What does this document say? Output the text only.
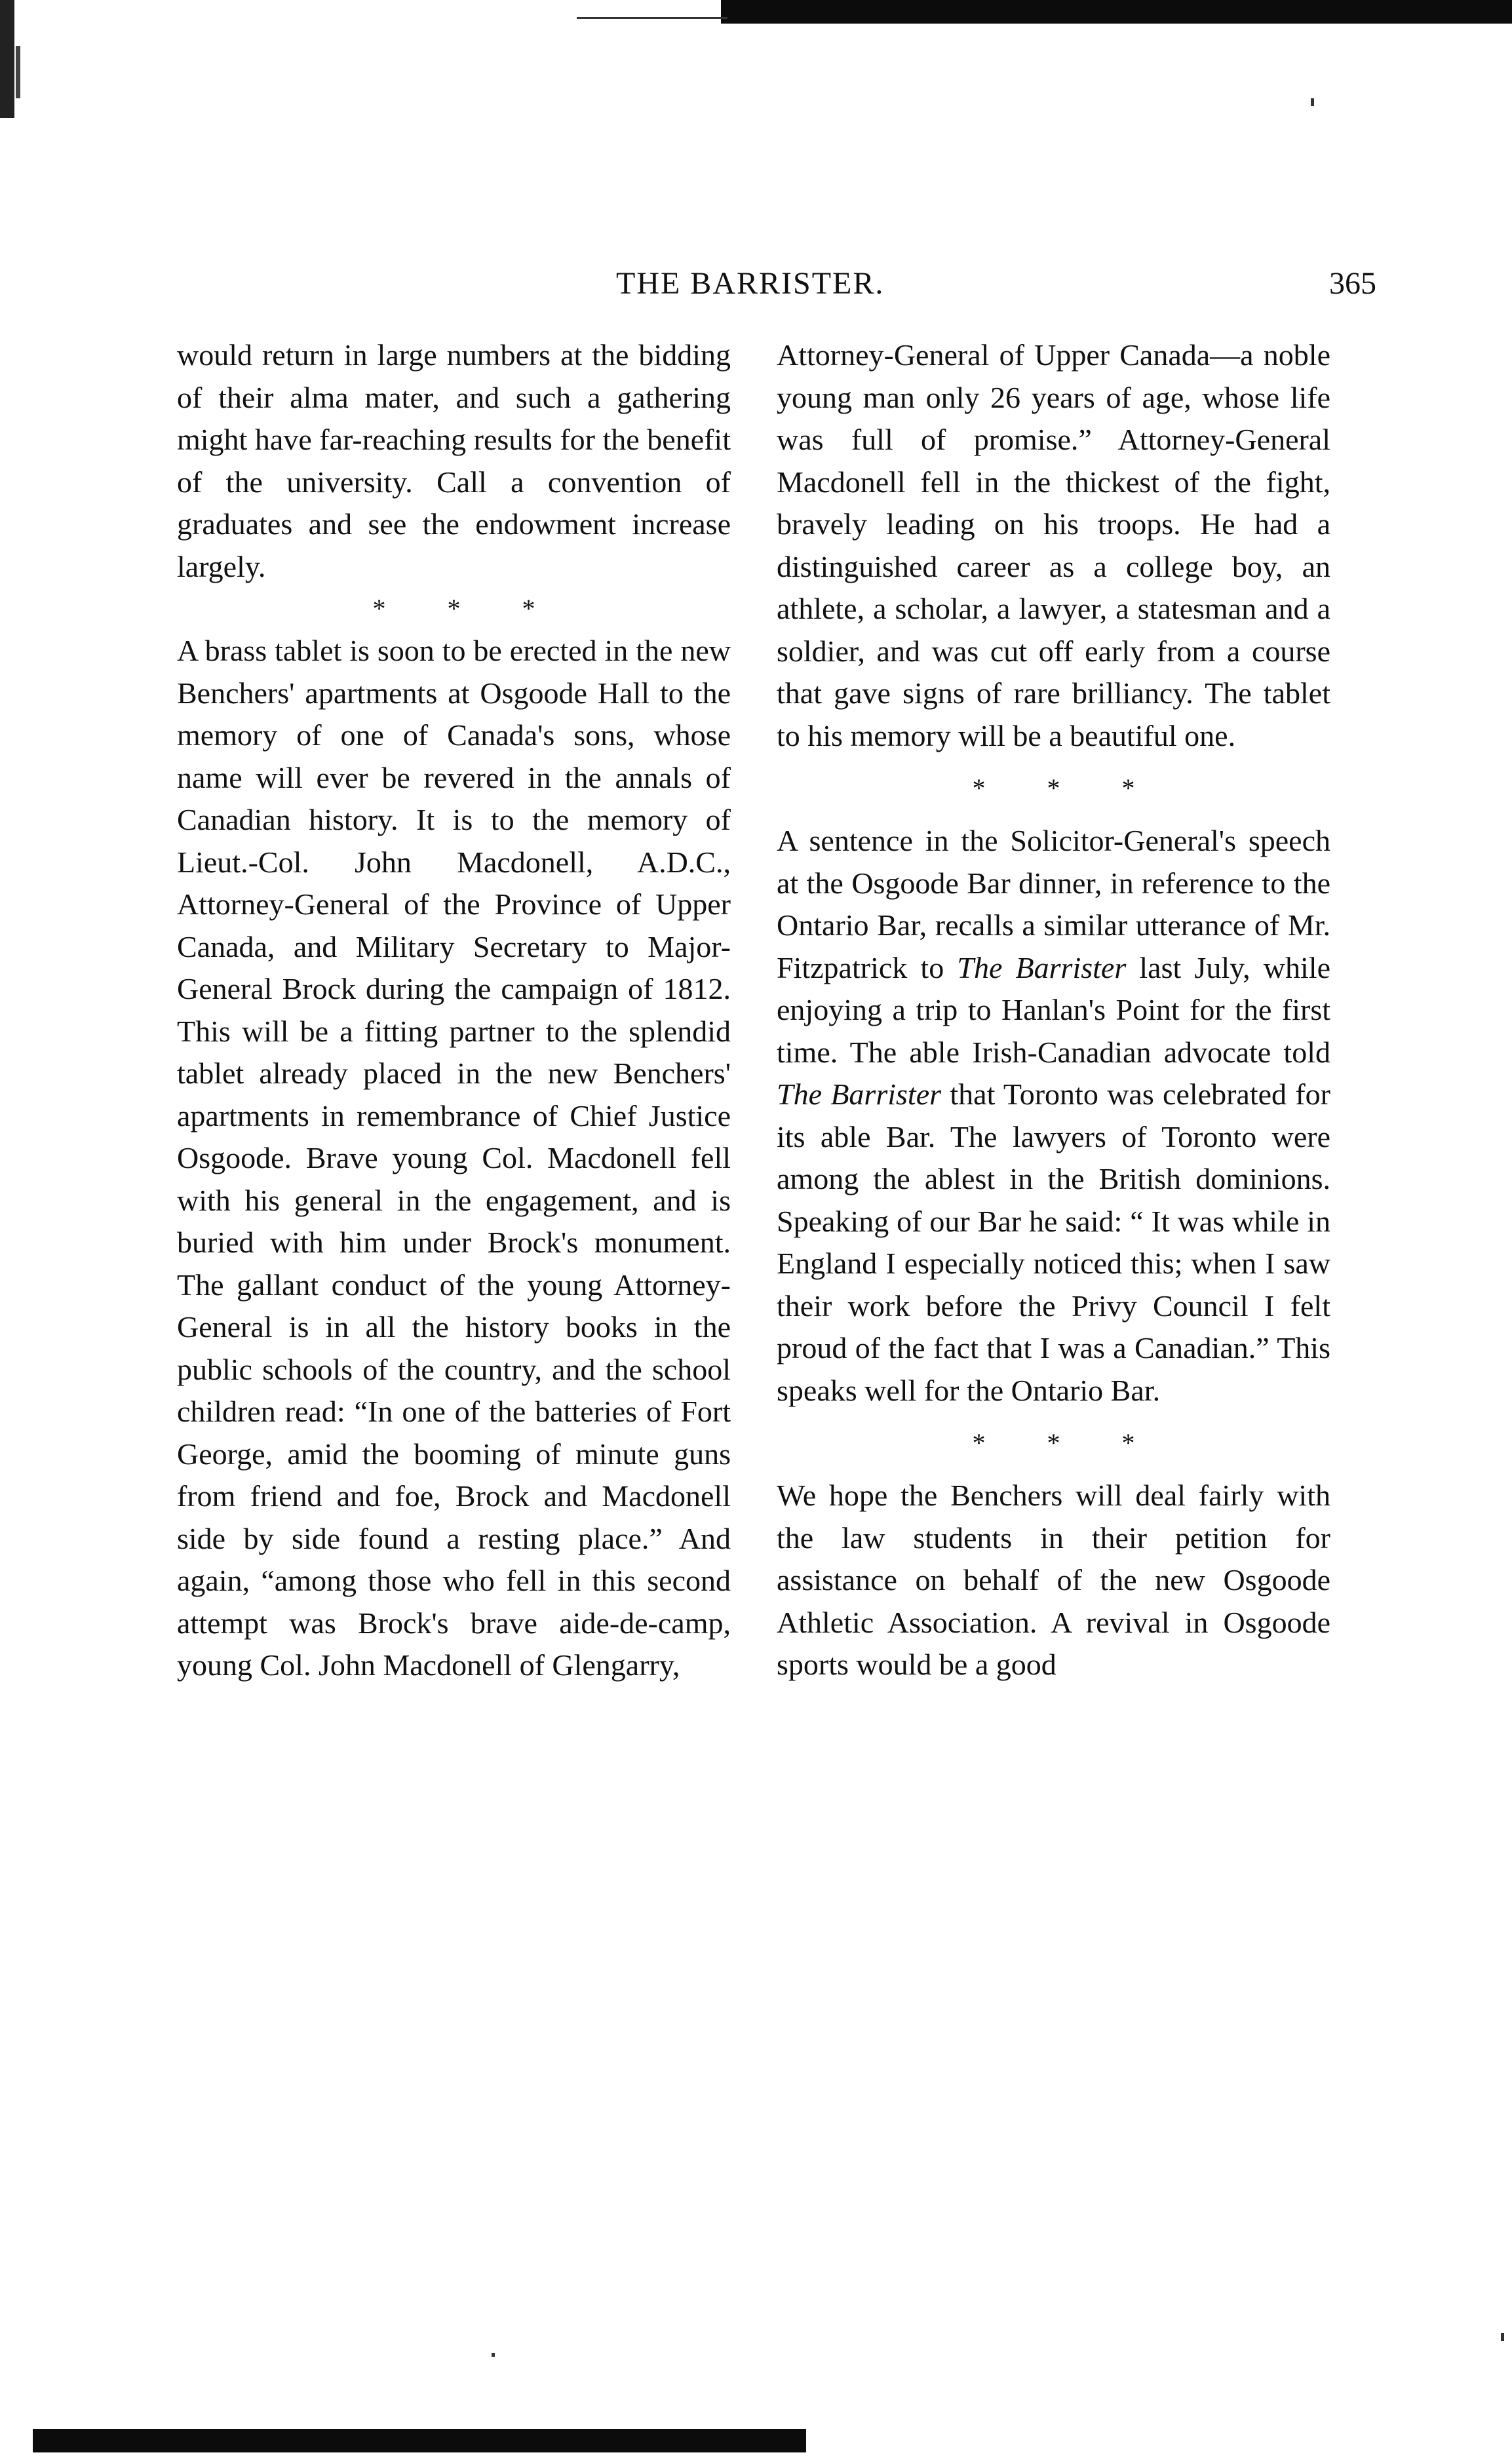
THE BARRISTER.	365

would return in large numbers at the bidding of their alma mater, and such a gathering might have far-reaching results for the benefit of the university. Call a convention of graduates and see the endowment increase largely.

* * *

A brass tablet is soon to be erected in the new Benchers' apartments at Osgoode Hall to the memory of one of Canada's sons, whose name will ever be revered in the annals of Canadian history. It is to the memory of Lieut.-Col. John Macdonell, A.D.C., Attorney-General of the Province of Upper Canada, and Military Secretary to Major-General Brock during the campaign of 1812. This will be a fitting partner to the splendid tablet already placed in the new Benchers' apartments in remembrance of Chief Justice Osgoode. Brave young Col. Macdonell fell with his general in the engagement, and is buried with him under Brock's monument. The gallant conduct of the young Attorney-General is in all the history books in the public schools of the country, and the school children read: “In one of the batteries of Fort George, amid the booming of minute guns from friend and foe, Brock and Macdonell side by side found a resting place.” And again, “among those who fell in this second attempt was Brock's brave aide-de-camp, young Col. John Macdonell of Glengarry,

Attorney-General of Upper Canada—a noble young man only 26 years of age, whose life was full of promise.” Attorney-General Macdonell fell in the thickest of the fight, bravely leading on his troops. He had a distinguished career as a college boy, an athlete, a scholar, a lawyer, a statesman and a soldier, and was cut off early from a course that gave signs of rare brilliancy. The tablet to his memory will be a beautiful one.

* * *

A sentence in the Solicitor-General's speech at the Osgoode Bar dinner, in reference to the Ontario Bar, recalls a similar utterance of Mr. Fitzpatrick to The Barrister last July, while enjoying a trip to Hanlan's Point for the first time. The able Irish-Canadian advocate told The Barrister that Toronto was celebrated for its able Bar. The lawyers of Toronto were among the ablest in the British dominions. Speaking of our Bar he said: “ It was while in England I especially noticed this; when I saw their work before the Privy Council I felt proud of the fact that I was a Canadian.” This speaks well for the Ontario Bar.

* * *

We hope the Benchers will deal fairly with the law students in their petition for assistance on behalf of the new Osgoode Athletic Association. A revival in Osgoode sports would be a good
